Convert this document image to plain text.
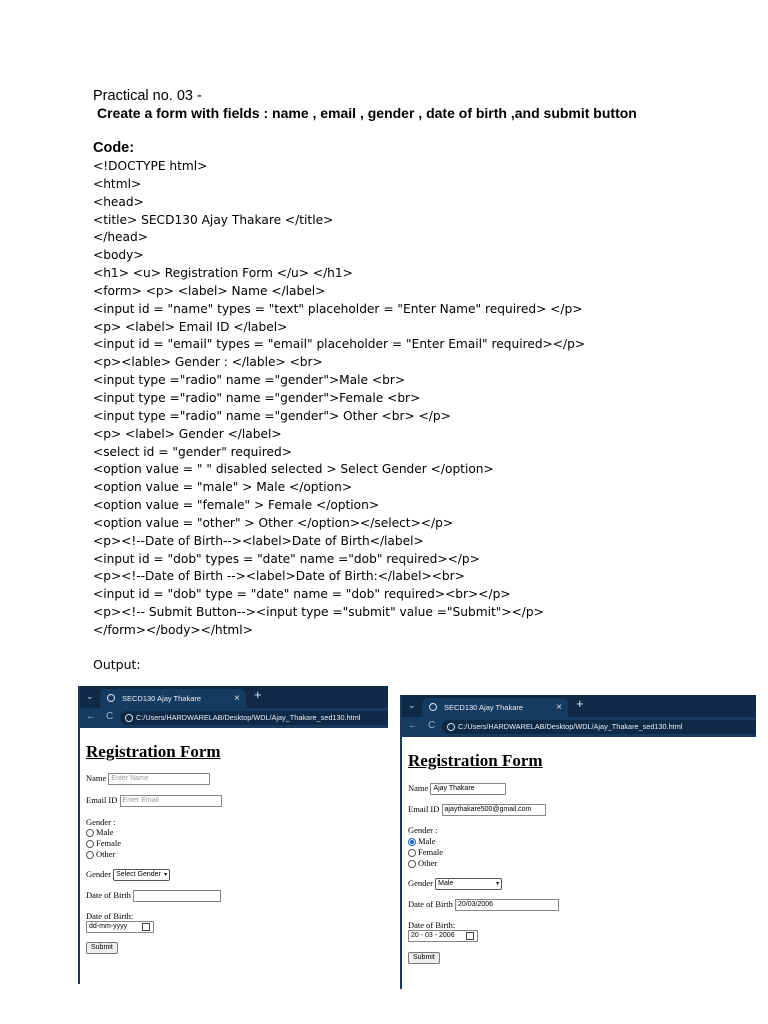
Practical no. 03 -
Create a form with fields : name , email , gender , date of birth ,and submit button
Code:
<!DOCTYPE html>
<html>
<head>
<title> SECD130 Ajay Thakare </title>
</head>
<body>
<h1> <u> Registration Form </u> </h1>
<form> <p> <label> Name </label>
<input id = "name" types = "text" placeholder = "Enter Name" required> </p>
<p> <label> Email ID </label>
<input id = "email" types = "email" placeholder = "Enter Email" required></p>
<p><lable> Gender : </lable> <br>
<input type ="radio" name ="gender">Male <br>
<input type ="radio" name ="gender">Female <br>
<input type ="radio" name ="gender"> Other <br> </p>
<p> <label> Gender </label>
<select id = "gender" required>
<option value = " " disabled selected > Select Gender </option>
<option value = "male" > Male </option>
<option value = "female" > Female </option>
<option value = "other" > Other </option></select></p>
<p><!--Date of Birth--><label>Date of Birth</label>
<input id = "dob" types = "date" name ="dob" required></p>
<p><!--Date of Birth --><label>Date of Birth:</label><br>
<input id = "dob" type = "date" name = "dob" required><br></p>
<p><!-- Submit Button--><input type ="submit" value ="Submit"></p>
</form></body></html>
Output:
⌄	SECD130 Ajay Thakare	× +
← C	C:/Users/HARDWARELAB/Desktop/WDL/Ajay_Thakare_sed130.html
Registration Form
Name Enter Name
Email ID Enter Email
Gender :
Male
Female
Other
Gender Select Gender ▾
Date of Birth
Date of Birth:
dd-mm-yyyy
Submit
⌄	SECD130 Ajay Thakare	× +
← C	C:/Users/HARDWARELAB/Desktop/WDL/Ajay_Thakare_sed130.html
Registration Form
Name Ajay Thakare
Email ID ajaythakare500@gmail.com
Gender :
Male
Female
Other
Gender Male	▾
Date of Birth 20/03/2006
Date of Birth:
20 - 03 - 2006
Submit
